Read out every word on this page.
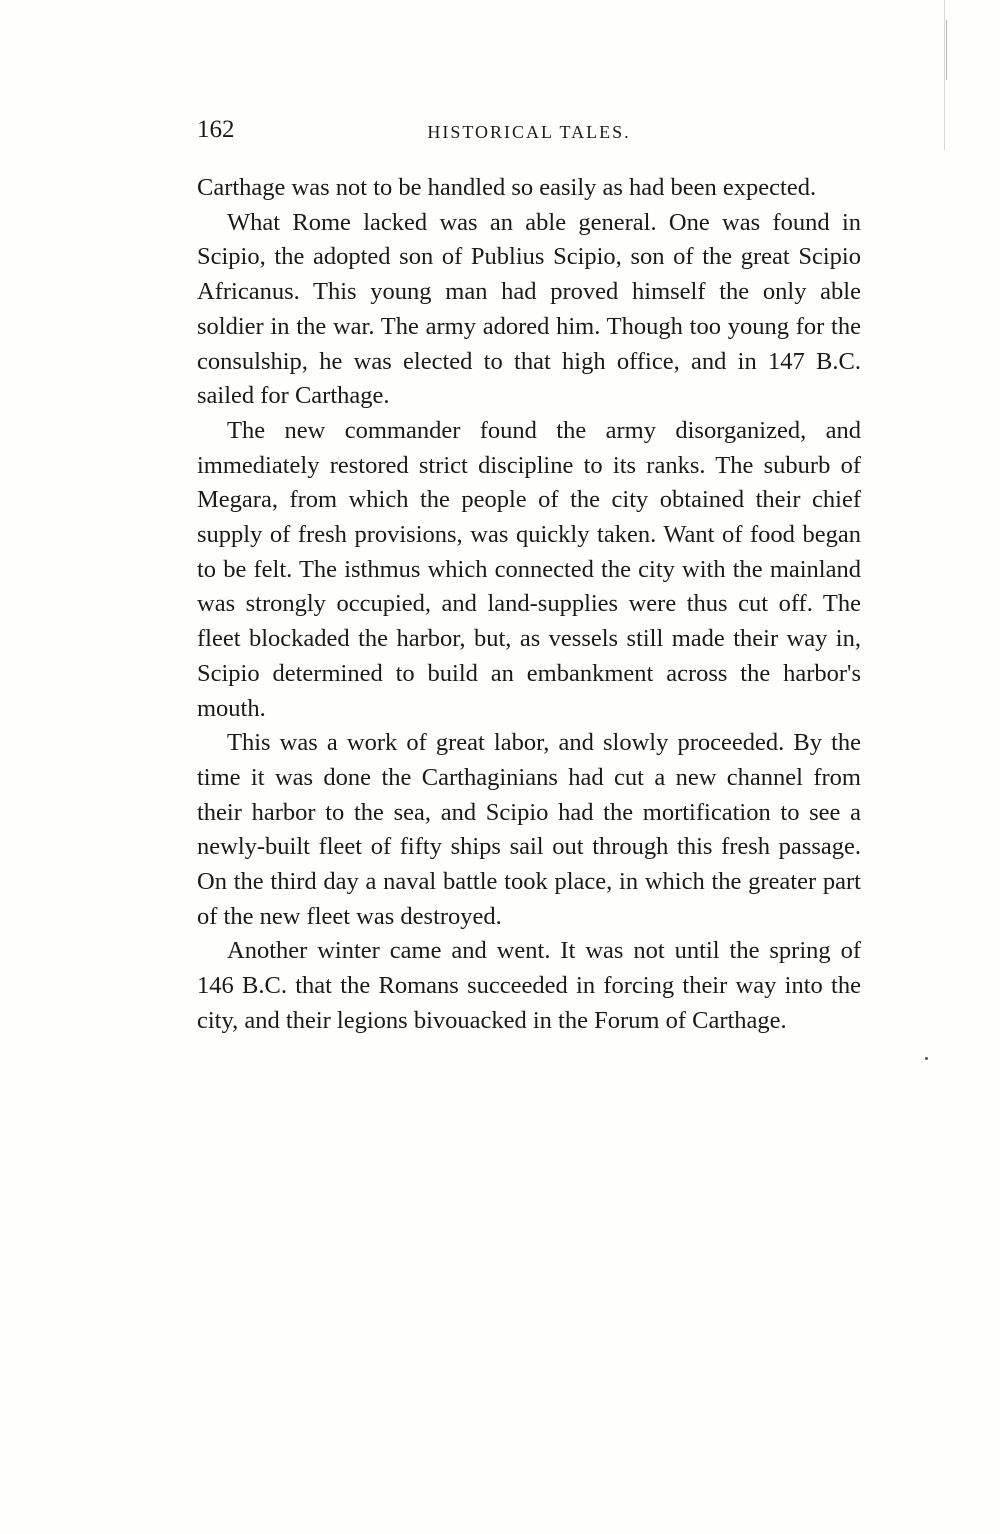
162	HISTORICAL TALES.

Carthage was not to be handled so easily as had been expected.

What Rome lacked was an able general. One was found in Scipio, the adopted son of Publius Scipio, son of the great Scipio Africanus. This young man had proved himself the only able soldier in the war. The army adored him. Though too young for the consulship, he was elected to that high office, and in 147 B.C. sailed for Carthage.

The new commander found the army disorganized, and immediately restored strict discipline to its ranks. The suburb of Megara, from which the people of the city obtained their chief supply of fresh provisions, was quickly taken. Want of food began to be felt. The isthmus which connected the city with the mainland was strongly occupied, and land-supplies were thus cut off. The fleet blockaded the harbor, but, as vessels still made their way in, Scipio determined to build an embankment across the harbor's mouth.

This was a work of great labor, and slowly proceeded. By the time it was done the Carthaginians had cut a new channel from their harbor to the sea, and Scipio had the mortification to see a newly-built fleet of fifty ships sail out through this fresh passage. On the third day a naval battle took place, in which the greater part of the new fleet was destroyed.

Another winter came and went. It was not until the spring of 146 B.C. that the Romans succeeded in forcing their way into the city, and their legions bivouacked in the Forum of Carthage.
